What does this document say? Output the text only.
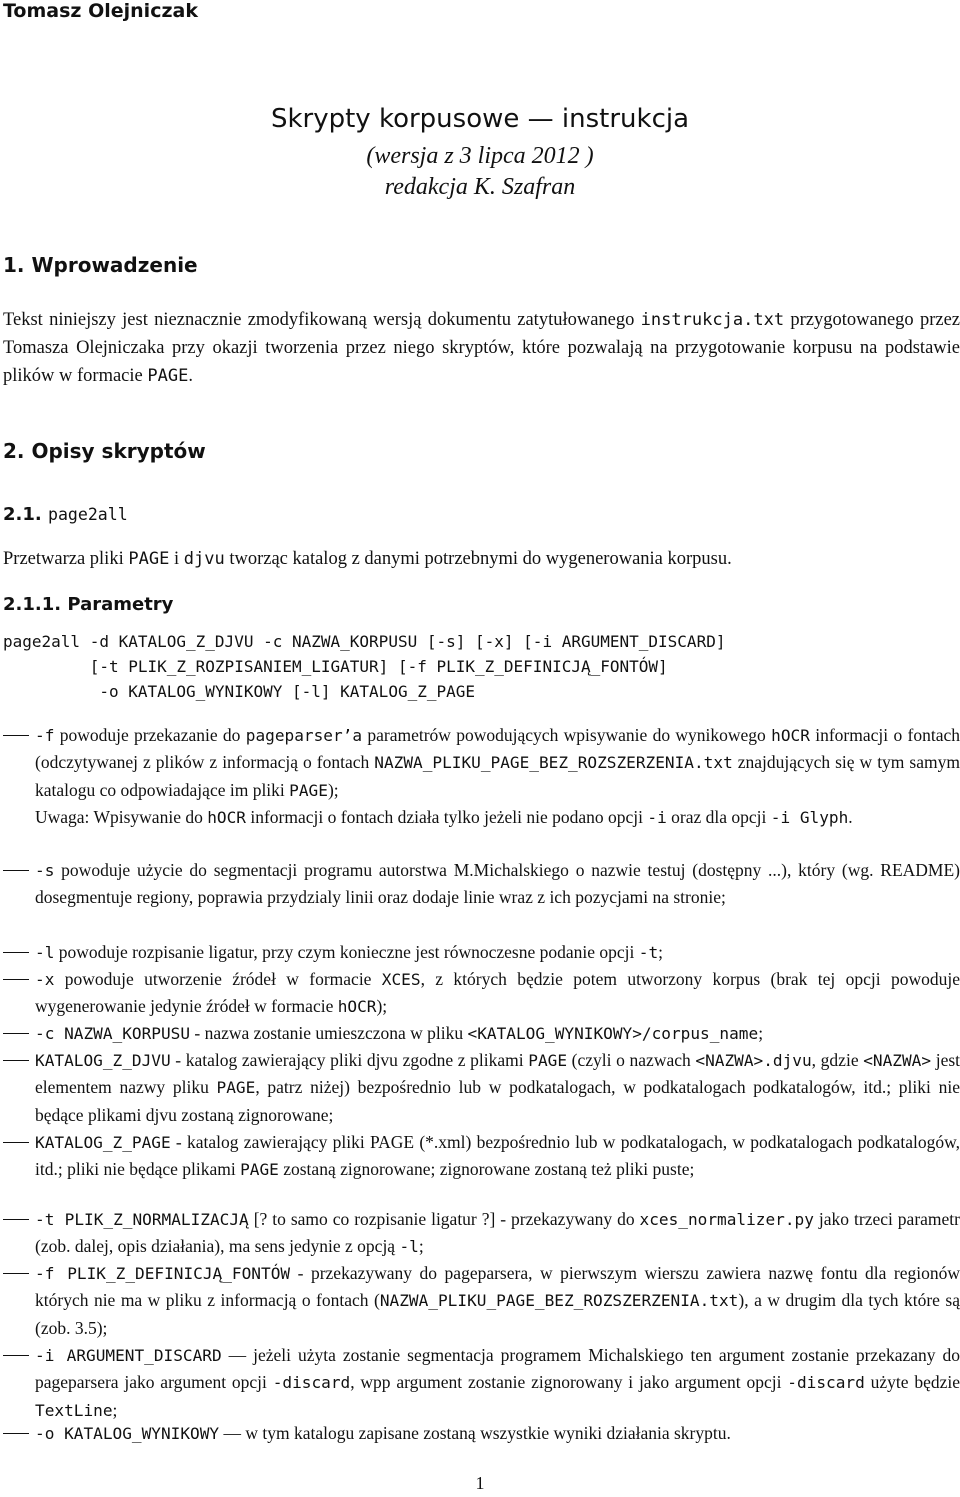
Tomasz Olejniczak
Skrypty korpusowe — instrukcja
(wersja z 3 lipca 2012 )
redakcja K. Szafran
1. Wprowadzenie
Tekst niniejszy jest nieznacznie zmodyfikowaną wersją dokumentu zatytułowanego instrukcja.txt przygotowanego przez Tomasza Olejniczaka przy okazji tworzenia przez niego skryptów, które pozwalają na przygotowanie korpusu na podstawie plików w formacie PAGE.
2. Opisy skryptów
2.1. page2all
Przetwarza pliki PAGE i djvu tworząc katalog z danymi potrzebnymi do wygenerowania korpusu.
2.1.1. Parametry
page2all -d KATALOG_Z_DJVU -c NAZWA_KORPUSU [-s] [-x] [-i ARGUMENT_DISCARD]
[-t PLIK_Z_ROZPISANIEM_LIGATUR] [-f PLIK_Z_DEFINICJĄ_FONTÓW]
-o KATALOG_WYNIKOWY [-l] KATALOG_Z_PAGE
-f powoduje przekazanie do pageparser’a parametrów powodujących wpisywanie do wynikowego hOCR informacji o fontach (odczytywanej z plików z informacją o fontach NAZWA_PLIKU_PAGE_BEZ_ROZSZERZENIA.txt znajdujących się w tym samym katalogu co odpowiadające im pliki PAGE);
Uwaga: Wpisywanie do hOCR informacji o fontach działa tylko jeżeli nie podano opcji -i oraz dla opcji -i Glyph.
-s powoduje użycie do segmentacji programu autorstwa M.Michalskiego o nazwie testuj (dostępny ...), który (wg. README) dosegmentuje regiony, poprawia przydzialy linii oraz dodaje linie wraz z ich pozycjami na stronie;
-l powoduje rozpisanie ligatur, przy czym konieczne jest równoczesne podanie opcji -t;
-x powoduje utworzenie źródeł w formacie XCES, z których będzie potem utworzony korpus (brak tej opcji powoduje wygenerowanie jedynie źródeł w formacie hOCR);
-c NAZWA_KORPUSU - nazwa zostanie umieszczona w pliku <KATALOG_WYNIKOWY>/corpus_name;
KATALOG_Z_DJVU - katalog zawierający pliki djvu zgodne z plikami PAGE (czyli o nazwach <NAZWA>.djvu, gdzie <NAZWA> jest elementem nazwy pliku PAGE, patrz niżej) bezpośrednio lub w podkatalogach, w podkatalogach podkatalogów, itd.; pliki nie będące plikami djvu zostaną zignorowane;
KATALOG_Z_PAGE - katalog zawierający pliki PAGE (*.xml) bezpośrednio lub w podkatalogach, w podkatalogach podkatalogów, itd.; pliki nie będące plikami PAGE zostaną zignorowane; zignorowane zostaną też pliki puste;
-t PLIK_Z_NORMALIZACJĄ [? to samo co rozpisanie ligatur ?] - przekazywany do xces_normalizer.py jako trzeci parametr (zob. dalej, opis działania), ma sens jedynie z opcją -l;
-f PLIK_Z_DEFINICJĄ_FONTÓW - przekazywany do pageparsera, w pierwszym wierszu zawiera nazwę fontu dla regionów których nie ma w pliku z informacją o fontach (NAZWA_PLIKU_PAGE_BEZ_ROZSZERZENIA.txt), a w drugim dla tych które są (zob. 3.5);
-i ARGUMENT_DISCARD — jeżeli użyta zostanie segmentacja programem Michalskiego ten argument zostanie przekazany do pageparsera jako argument opcji -discard, wpp argument zostanie zignorowany i jako argument opcji -discard użyte będzie TextLine;
-o KATALOG_WYNIKOWY — w tym katalogu zapisane zostaną wszystkie wyniki działania skryptu.
1
